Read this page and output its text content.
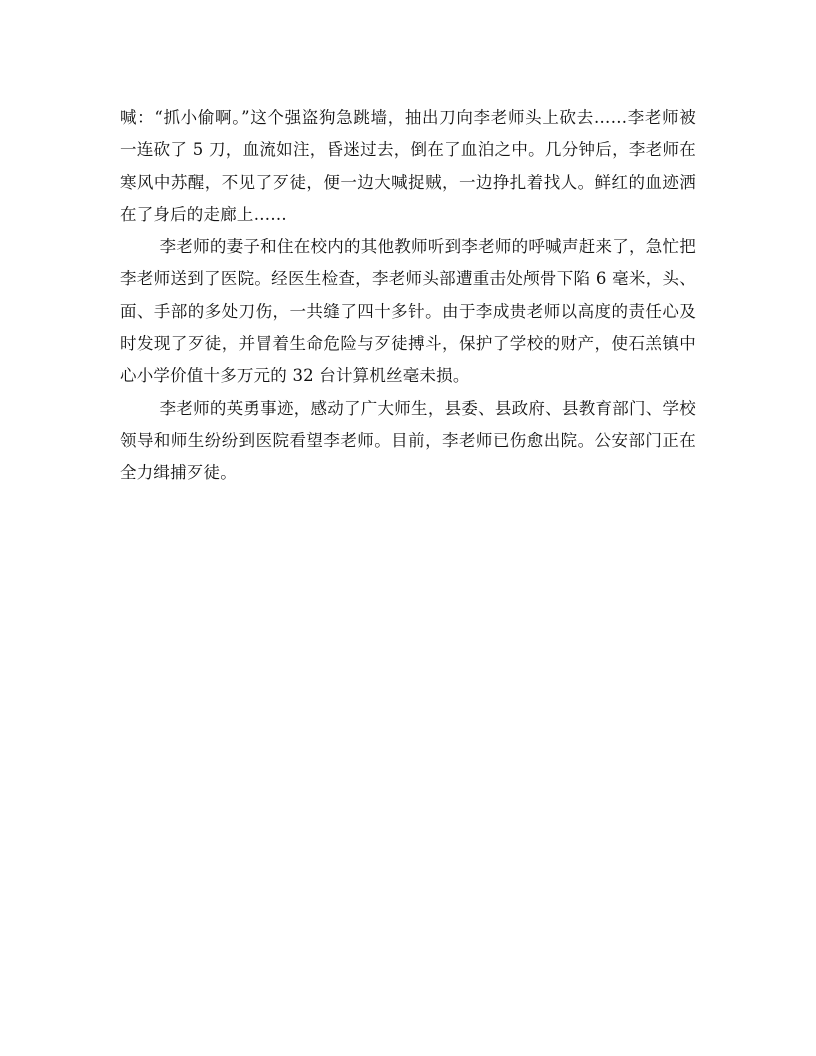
喊：“抓小偷啊。”这个强盗狗急跳墙，抽出刀向李老师头上砍去……李老师被一连砍了 5 刀，血流如注，昏迷过去，倒在了血泊之中。几分钟后，李老师在寒风中苏醒，不见了歹徒，便一边大喊捉贼，一边挣扎着找人。鲜红的血迹洒在了身后的走廊上……

李老师的妻子和住在校内的其他教师听到李老师的呼喊声赶来了，急忙把李老师送到了医院。经医生检查，李老师头部遭重击处颅骨下陷 6 毫米，头、面、手部的多处刀伤，一共缝了四十多针。由于李成贵老师以高度的责任心及时发现了歹徒，并冒着生命危险与歹徒搏斗，保护了学校的财产，使石羔镇中心小学价值十多万元的 32 台计算机丝毫未损。

李老师的英勇事迹，感动了广大师生，县委、县政府、县教育部门、学校领导和师生纷纷到医院看望李老师。目前，李老师已伤愈出院。公安部门正在全力缉捕歹徒。
